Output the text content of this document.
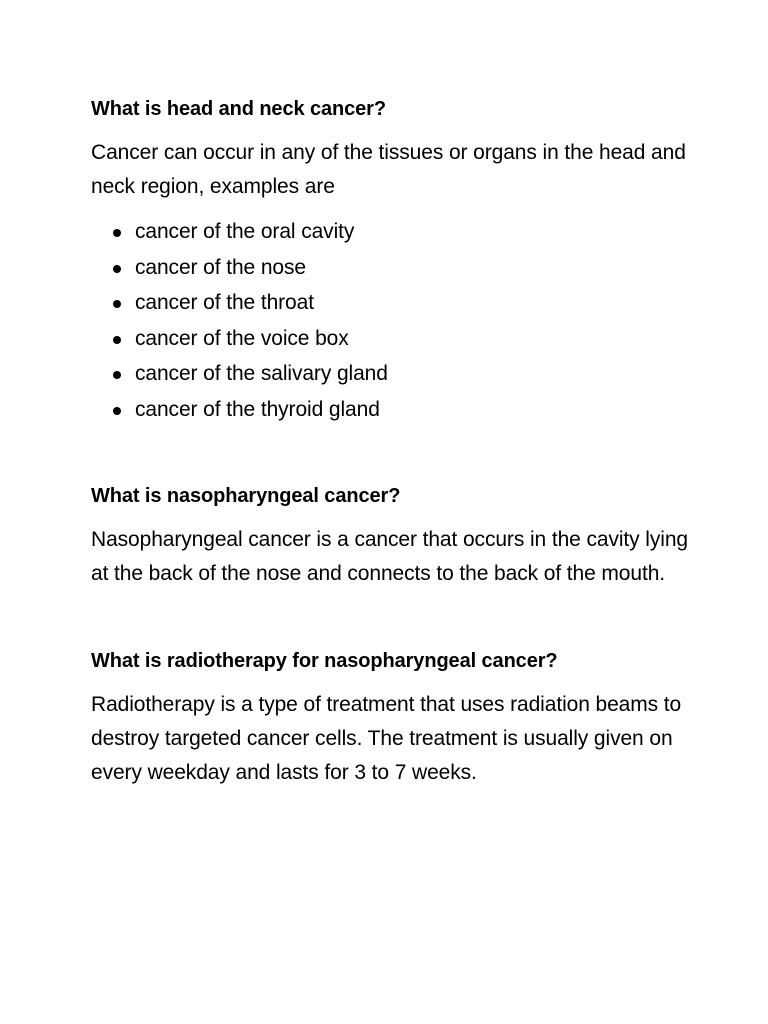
What is head and neck cancer?

Cancer can occur in any of the tissues or organs in the head and neck region, examples are

cancer of the oral cavity
cancer of the nose
cancer of the throat
cancer of the voice box
cancer of the salivary gland
cancer of the thyroid gland
What is nasopharyngeal cancer?

Nasopharyngeal cancer is a cancer that occurs in the cavity lying at the back of the nose and connects to the back of the mouth.

What is radiotherapy for nasopharyngeal cancer?

Radiotherapy is a type of treatment that uses radiation beams to destroy targeted cancer cells. The treatment is usually given on every weekday and lasts for 3 to 7 weeks.
